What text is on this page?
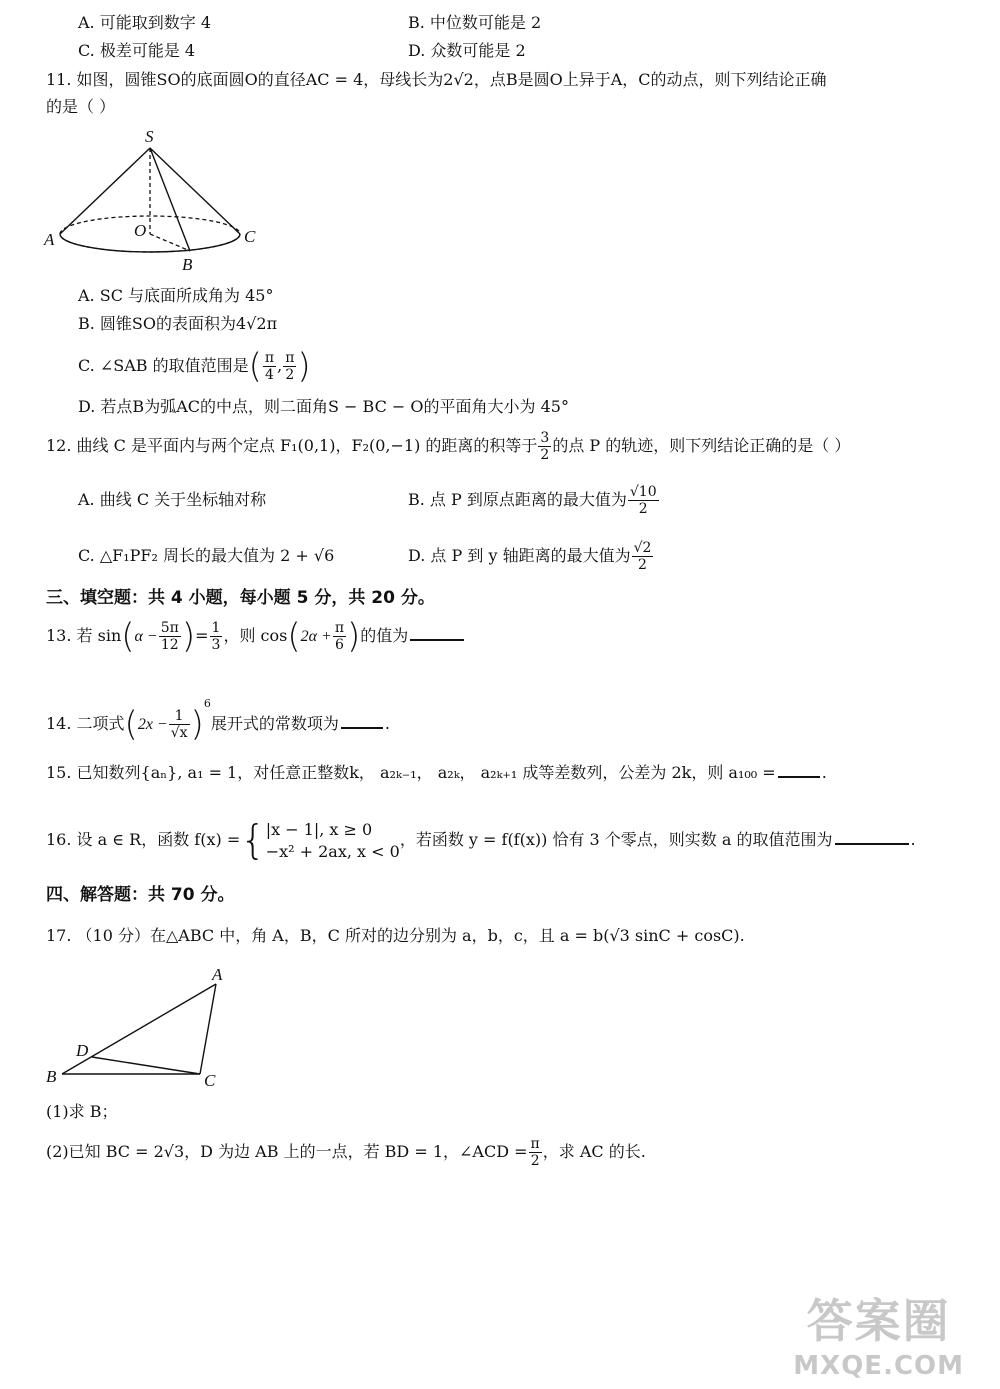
A. 可能取到数字 4	B. 中位数可能是 2
C. 极差可能是 4	D. 众数可能是 2
11. 如图，圆锥SO的底面圆O的直径AC = 4，母线长为2√2，点B是圆O上异于A，C的动点，则下列结论正确
的是（ ）
S
O
A
B
C
A. SC 与底面所成角为 45°
B. 圆锥SO的表面积为4√2π
C. ∠SAB 的取值范围是( $\frac{\pi}{4}$ , $\frac{\pi}{2}$ )
D. 若点B为弧AC的中点，则二面角S − BC − O的平面角大小为 45°
12. 曲线 C 是平面内与两个定点 F₁(0,1)，F₂(0,−1) 的距离的积等于 $\frac{3}{2}$ 的点 P 的轨迹，则下列结论正确的是（ ）
A. 曲线 C 关于坐标轴对称	B. 点 P 到原点距离的最大值为 $\frac{√10}{2}$
C. △F₁PF₂ 周长的最大值为 2 + √6	D. 点 P 到 y 轴距离的最大值为 $\frac{√2}{2}$
三、填空题：共 4 小题，每小题 5 分，共 20 分。
13. 若 $\sin(\alpha - \frac{5\pi}{12}$ )= $\frac{1}{3}$ ，则 $\cos(2\alpha + \frac{\pi}{6}$ )的值为
14. 二项式$(2x - \frac{1}{√x} )^6$展开式的常数项为	.
15. 已知数列{aₙ}, a₁ = 1，对任意正整数k， a₂ₖ₋₁， a₂ₖ， a₂ₖ₊₁ 成等差数列，公差为 2k，则 a₁₀₀ =	.
16. 设 a ∈ R，函数 f(x) ={ |x − 1|, x ≥ 0
−x² + 2ax, x < 0
，若函数 y = f(f(x)) 恰有 3 个零点，则实数 a 的取值范围为	.
四、解答题：共 70 分。
17. （10 分）在△ABC 中，角 A，B，C 所对的边分别为 a，b，c，且 a = b(√3 sinC + cosC).
A
B	C
D
(1)求 B；
(2)已知 BC = 2√3，D 为边 AB 上的一点，若 BD = 1，∠ACD = $\frac{\pi}{2}$ ，求 AC 的长.
答案圈
MXQE.COM
